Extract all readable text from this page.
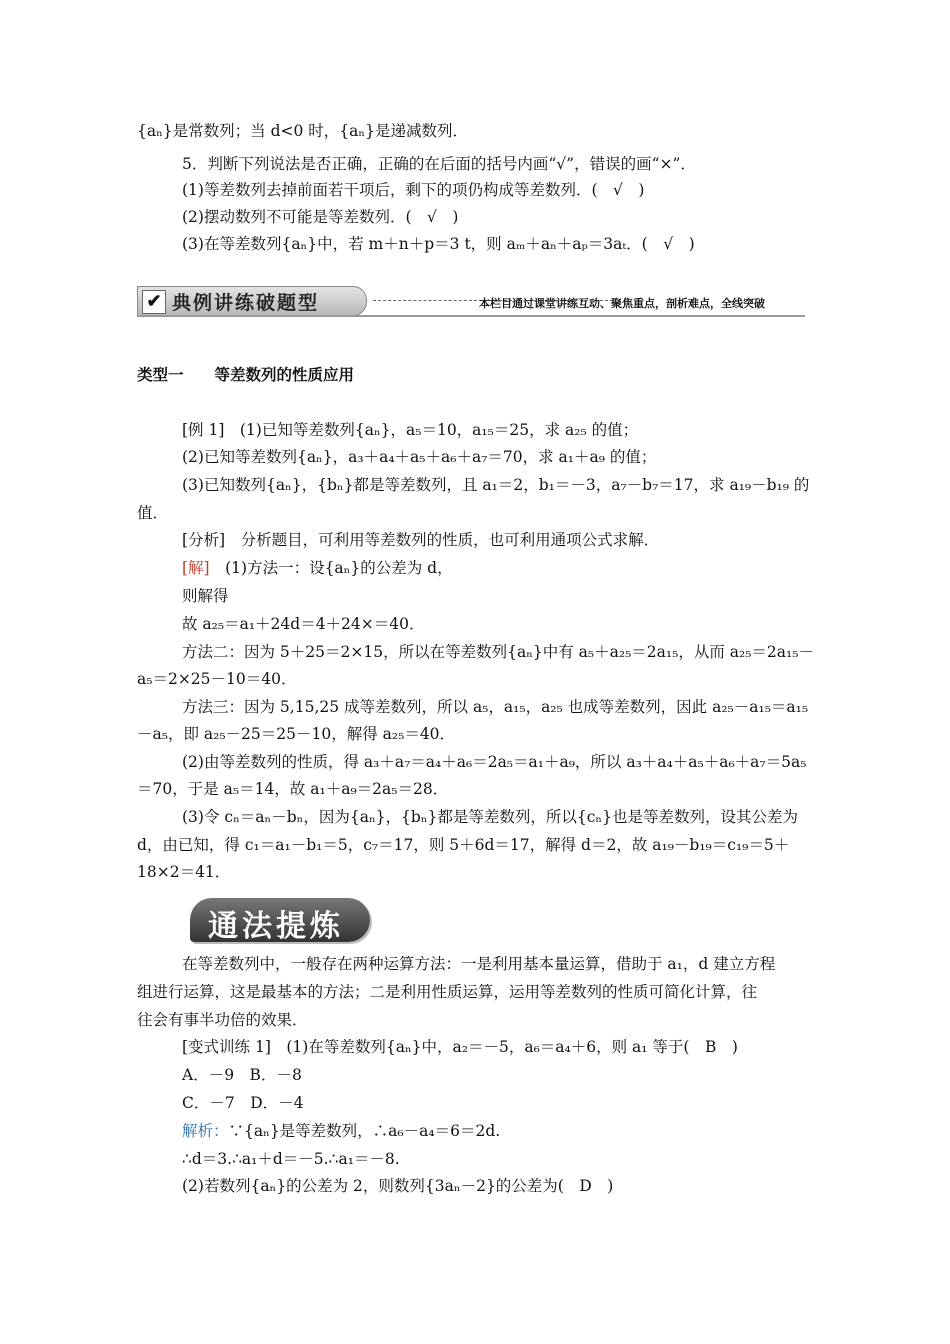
{aₙ}是常数列；当 d<0 时，{aₙ}是递减数列．
5．判断下列说法是否正确，正确的在后面的括号内画“√”，错误的画“×”．
(1)等差数列去掉前面若干项后，剩下的项仍构成等差数列．(　√　)
(2)摆动数列不可能是等差数列．(　√　)
(3)在等差数列{aₙ}中，若 m＋n＋p＝3 t，则 aₘ＋aₙ＋aₚ＝3aₜ．(　√　)
✔ 典例讲练破题型	本栏目通过课堂讲练互动、聚焦重点，剖析难点，全线突破
类型一　　等差数列的性质应用
[例 1]　(1)已知等差数列{aₙ}，a₅＝10，a₁₅＝25，求 a₂₅ 的值；
(2)已知等差数列{aₙ}，a₃＋a₄＋a₅＋a₆＋a₇＝70，求 a₁＋a₉ 的值；
(3)已知数列{aₙ}，{bₙ}都是等差数列，且 a₁＝2，b₁＝－3，a₇－b₇＝17，求 a₁₉－b₁₉ 的
值．
[分析]　分析题目，可利用等差数列的性质，也可利用通项公式求解．
[解]　(1)方法一：设{aₙ}的公差为 d，
则解得
故 a₂₅＝a₁＋24d＝4＋24×＝40．
方法二：因为 5＋25＝2×15，所以在等差数列{aₙ}中有 a₅＋a₂₅＝2a₁₅，从而 a₂₅＝2a₁₅－
a₅＝2×25－10＝40．
方法三：因为 5,15,25 成等差数列，所以 a₅，a₁₅，a₂₅ 也成等差数列，因此 a₂₅－a₁₅＝a₁₅
－a₅，即 a₂₅－25＝25－10，解得 a₂₅＝40．
(2)由等差数列的性质，得 a₃＋a₇＝a₄＋a₆＝2a₅＝a₁＋a₉，所以 a₃＋a₄＋a₅＋a₆＋a₇＝5a₅
＝70，于是 a₅＝14，故 a₁＋a₉＝2a₅＝28．
(3)令 cₙ＝aₙ－bₙ，因为{aₙ}，{bₙ}都是等差数列，所以{cₙ}也是等差数列，设其公差为
d，由已知，得 c₁＝a₁－b₁＝5，c₇＝17，则 5＋6d＝17，解得 d＝2，故 a₁₉－b₁₉＝c₁₉＝5＋
18×2＝41．
通法提炼
在等差数列中，一般存在两种运算方法：一是利用基本量运算，借助于 a₁，d 建立方程
组进行运算，这是最基本的方法；二是利用性质运算，运用等差数列的性质可简化计算，往
往会有事半功倍的效果．
[变式训练 1]　(1)在等差数列{aₙ}中，a₂＝－5，a₆＝a₄＋6，则 a₁ 等于(　B　)
A．－9　B．－8
C．－7　D．－4
解析：∵{aₙ}是等差数列，∴a₆－a₄＝6＝2d.
∴d＝3.∴a₁＋d＝－5.∴a₁＝－8.
(2)若数列{aₙ}的公差为 2，则数列{3aₙ－2}的公差为(　D　)
